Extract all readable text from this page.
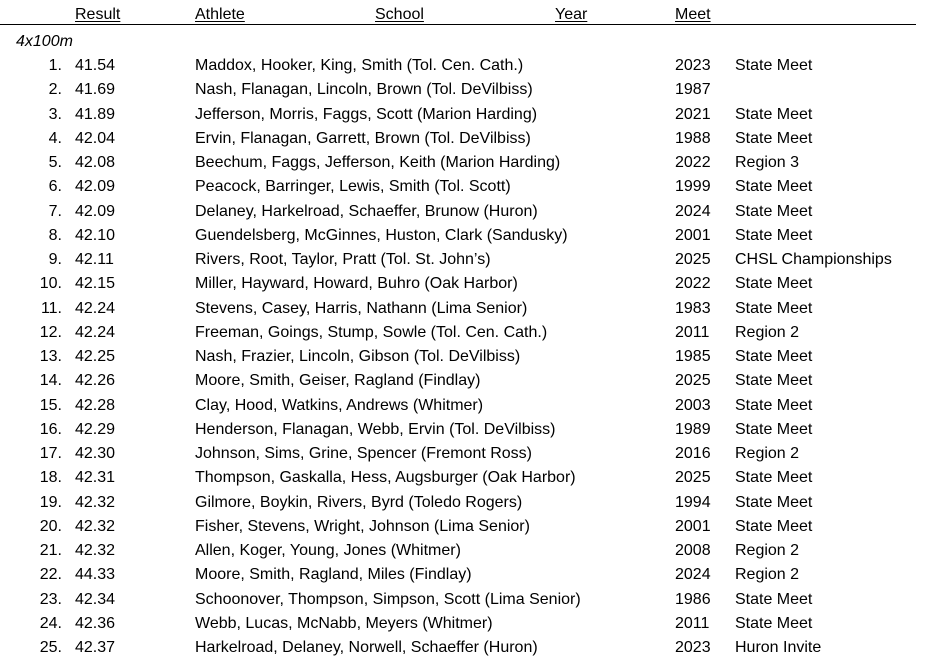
Result	Athlete	School	Year	Meet
4x100m
1. 41.54	Maddox, Hooker, King, Smith (Tol. Cen. Cath.)	2023 State Meet
2. 41.69	Nash, Flanagan, Lincoln, Brown (Tol. DeVilbiss)	1987
3. 41.89	Jefferson, Morris, Faggs, Scott (Marion Harding)	2021 State Meet
4. 42.04	Ervin, Flanagan, Garrett, Brown (Tol. DeVilbiss)	1988 State Meet
5. 42.08	Beechum, Faggs, Jefferson, Keith (Marion Harding)	2022 Region 3
6. 42.09	Peacock, Barringer, Lewis, Smith (Tol. Scott)	1999 State Meet
7. 42.09	Delaney, Harkelroad, Schaeffer, Brunow (Huron)	2024 State Meet
8. 42.10	Guendelsberg, McGinnes, Huston, Clark (Sandusky)	2001 State Meet
9. 42.11	Rivers, Root, Taylor, Pratt (Tol. St. John’s)	2025 CHSL Championships
10. 42.15	Miller, Hayward, Howard, Buhro (Oak Harbor)	2022 State Meet
11. 42.24	Stevens, Casey, Harris, Nathann (Lima Senior)	1983 State Meet
12. 42.24	Freeman, Goings, Stump, Sowle (Tol. Cen. Cath.)	2011 Region 2
13. 42.25	Nash, Frazier, Lincoln, Gibson (Tol. DeVilbiss)	1985 State Meet
14. 42.26	Moore, Smith, Geiser, Ragland (Findlay)	2025 State Meet
15. 42.28	Clay, Hood, Watkins, Andrews (Whitmer)	2003 State Meet
16. 42.29	Henderson, Flanagan, Webb, Ervin (Tol. DeVilbiss)	1989 State Meet
17. 42.30	Johnson, Sims, Grine, Spencer (Fremont Ross)	2016 Region 2
18. 42.31	Thompson, Gaskalla, Hess, Augsburger (Oak Harbor)	2025 State Meet
19. 42.32	Gilmore, Boykin, Rivers, Byrd (Toledo Rogers)	1994 State Meet
20. 42.32	Fisher, Stevens, Wright, Johnson (Lima Senior)	2001 State Meet
21. 42.32	Allen, Koger, Young, Jones (Whitmer)	2008 Region 2
22. 44.33	Moore, Smith, Ragland, Miles (Findlay)	2024 Region 2
23. 42.34	Schoonover, Thompson, Simpson, Scott (Lima Senior)	1986 State Meet
24. 42.36	Webb, Lucas, McNabb, Meyers (Whitmer)	2011 State Meet
25. 42.37	Harkelroad, Delaney, Norwell, Schaeffer (Huron)	2023 Huron Invite
